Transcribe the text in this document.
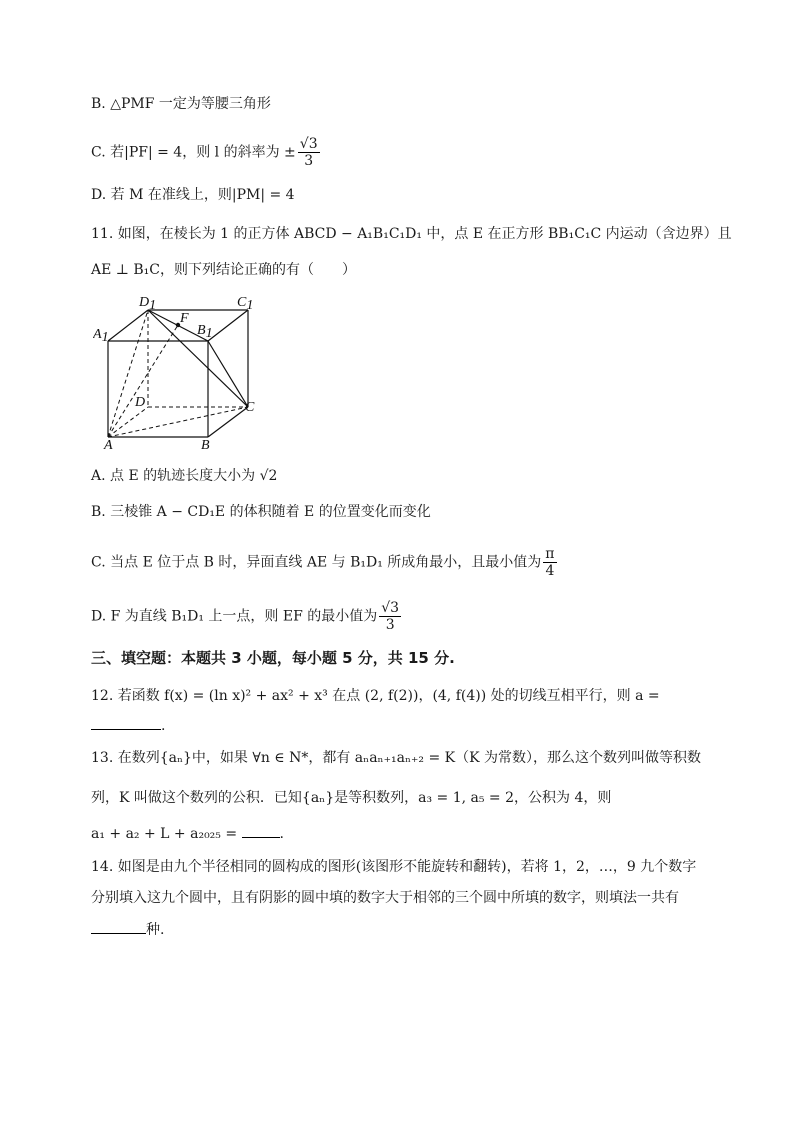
B. △PMF 一定为等腰三角形
C. 若|PF| = 4，则 l 的斜率为 ± $\frac{√3}{3}$
D. 若 M 在准线上，则|PM| = 4
11. 如图，在棱长为 1 的正方体 ABCD − A₁B₁C₁D₁ 中，点 E 在正方形 BB₁C₁C 内运动（含边界）且
AE ⊥ B₁C，则下列结论正确的有（　　）
D1	C1
A1
F
B1
D	C
A	B
A. 点 E 的轨迹长度大小为 √2
B. 三棱锥 A − CD₁E 的体积随着 E 的位置变化而变化
C. 当点 E 位于点 B 时，异面直线 AE 与 B₁D₁ 所成角最小，且最小值为 $\frac{\pi}{4}$
D. F 为直线 B₁D₁ 上一点，则 EF 的最小值为 $\frac{√3}{3}$
三、填空题：本题共 3 小题，每小题 5 分，共 15 分.
12. 若函数 f(x) = (ln x)² + ax² + x³ 在点 (2, f(2))，(4, f(4)) 处的切线互相平行，则 a =
.
13. 在数列{aₙ}中，如果 ∀n ∈ N*，都有 aₙaₙ₊₁aₙ₊₂ = K（K 为常数），那么这个数列叫做等积数
列，K 叫做这个数列的公积．已知{aₙ}是等积数列，a₃ = 1, a₅ = 2，公积为 4，则
a₁ + a₂ + L + a₂₀₂₅ =	.
14. 如图是由九个半径相同的圆构成的图形(该图形不能旋转和翻转)，若将 1，2，…，9 九个数字
分别填入这九个圆中，且有阴影的圆中填的数字大于相邻的三个圆中所填的数字，则填法一共有
种.
